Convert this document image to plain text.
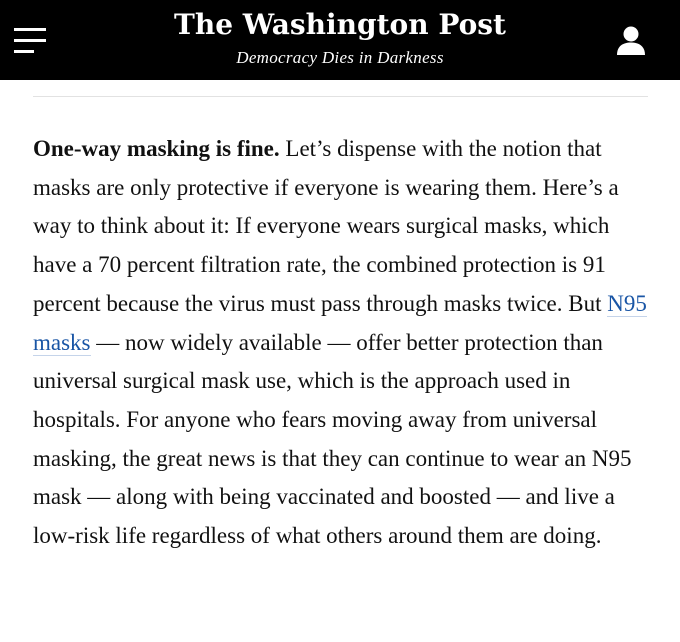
The Washington Post
Democracy Dies in Darkness

One-way masking is fine. Let’s dispense with the notion that masks are only protective if everyone is wearing them. Here’s a way to think about it: If everyone wears surgical masks, which have a 70 percent filtration rate, the combined protection is 91 percent because the virus must pass through masks twice. But N95 masks — now widely available — offer better protection than universal surgical mask use, which is the approach used in hospitals. For anyone who fears moving away from universal masking, the great news is that they can continue to wear an N95 mask — along with being vaccinated and boosted — and live a low-risk life regardless of what others around them are doing.
